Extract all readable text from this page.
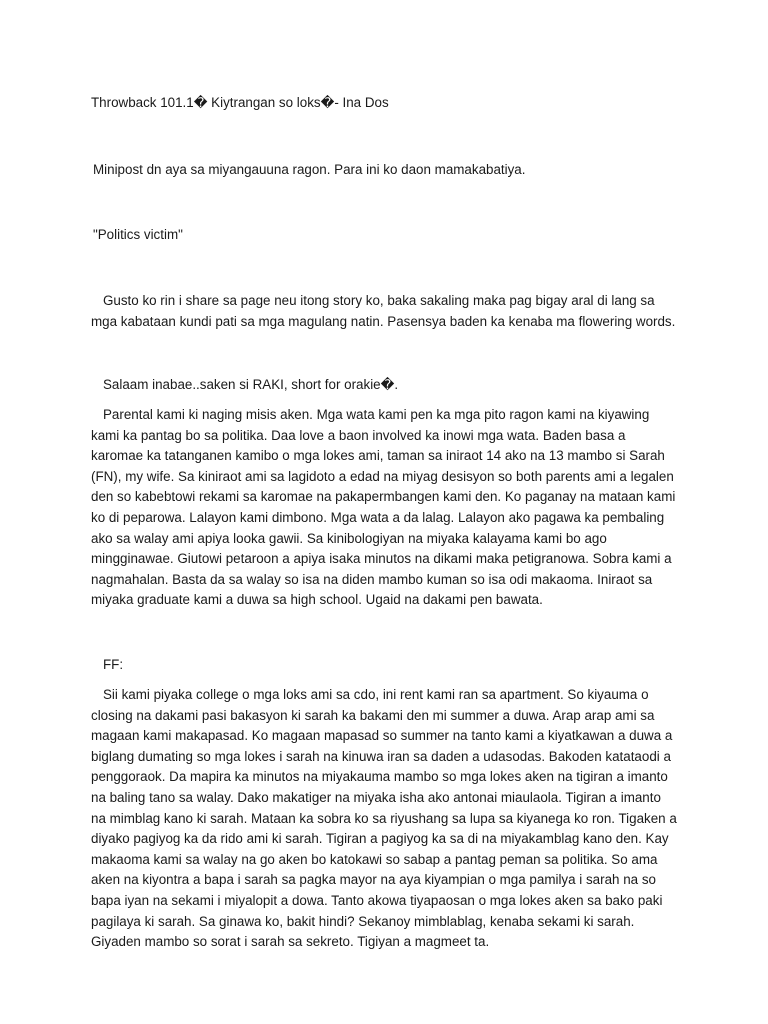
Throwback 101.1� Kiytrangan so loks�- Ina Dos
Minipost dn aya sa miyangauuna ragon. Para ini ko daon mamakabatiya.
"Politics victim"
Gusto ko rin i share sa page neu itong story ko, baka sakaling maka pag bigay aral di lang sa mga kabataan kundi pati sa mga magulang natin. Pasensya baden ka kenaba ma flowering words.
Salaam inabae..saken si RAKI, short for orakie�.
Parental kami ki naging misis aken. Mga wata kami pen ka mga pito ragon kami na kiyawing kami ka pantag bo sa politika. Daa love a baon involved ka inowi mga wata. Baden basa a karomae ka tatanganen kamibo o mga lokes ami, taman sa iniraot 14 ako na 13 mambo si Sarah (FN), my wife. Sa kiniraot ami sa lagidoto a edad na miyag desisyon so both parents ami a legalen den so kabebtowi rekami sa karomae na pakapermbangen kami den. Ko paganay na mataan kami ko di peparowa. Lalayon kami dimbono. Mga wata a da lalag. Lalayon ako pagawa ka pembaling ako sa walay ami apiya looka gawii. Sa kinibologiyan na miyaka kalayama kami bo ago mingginawae. Giutowi petaroon a apiya isaka minutos na dikami maka petigranowa. Sobra kami a nagmahalan. Basta da sa walay so isa na diden mambo kuman so isa odi makaoma. Iniraot sa miyaka graduate kami a duwa sa high school. Ugaid na dakami pen bawata.
FF:
Sii kami piyaka college o mga loks ami sa cdo, ini rent kami ran sa apartment. So kiyauma o closing na dakami pasi bakasyon ki sarah ka bakami den mi summer a duwa. Arap arap ami sa magaan kami makapasad. Ko magaan mapasad so summer na tanto kami a kiyatkawan a duwa a biglang dumating so mga lokes i sarah na kinuwa iran sa daden a udasodas. Bakoden katataodi a penggoraok. Da mapira ka minutos na miyakauma mambo so mga lokes aken na tigiran a imanto na baling tano sa walay. Dako makatiger na miyaka isha ako antonai miaulaola. Tigiran a imanto na mimblag kano ki sarah. Mataan ka sobra ko sa riyushang sa lupa sa kiyanega ko ron. Tigaken a diyako pagiyog ka da rido ami ki sarah. Tigiran a pagiyog ka sa di na miyakamblag kano den. Kay makaoma kami sa walay na go aken bo katokawi so sabap a pantag peman sa politika. So ama aken na kiyontra a bapa i sarah sa pagka mayor na aya kiyampian o mga pamilya i sarah na so bapa iyan na sekami i miyalopit a dowa. Tanto akowa tiyapaosan o mga lokes aken sa bako paki pagilaya ki sarah. Sa ginawa ko, bakit hindi? Sekanoy mimblablag, kenaba sekami ki sarah. Giyaden mambo so sorat i sarah sa sekreto. Tigiyan a magmeet ta.
